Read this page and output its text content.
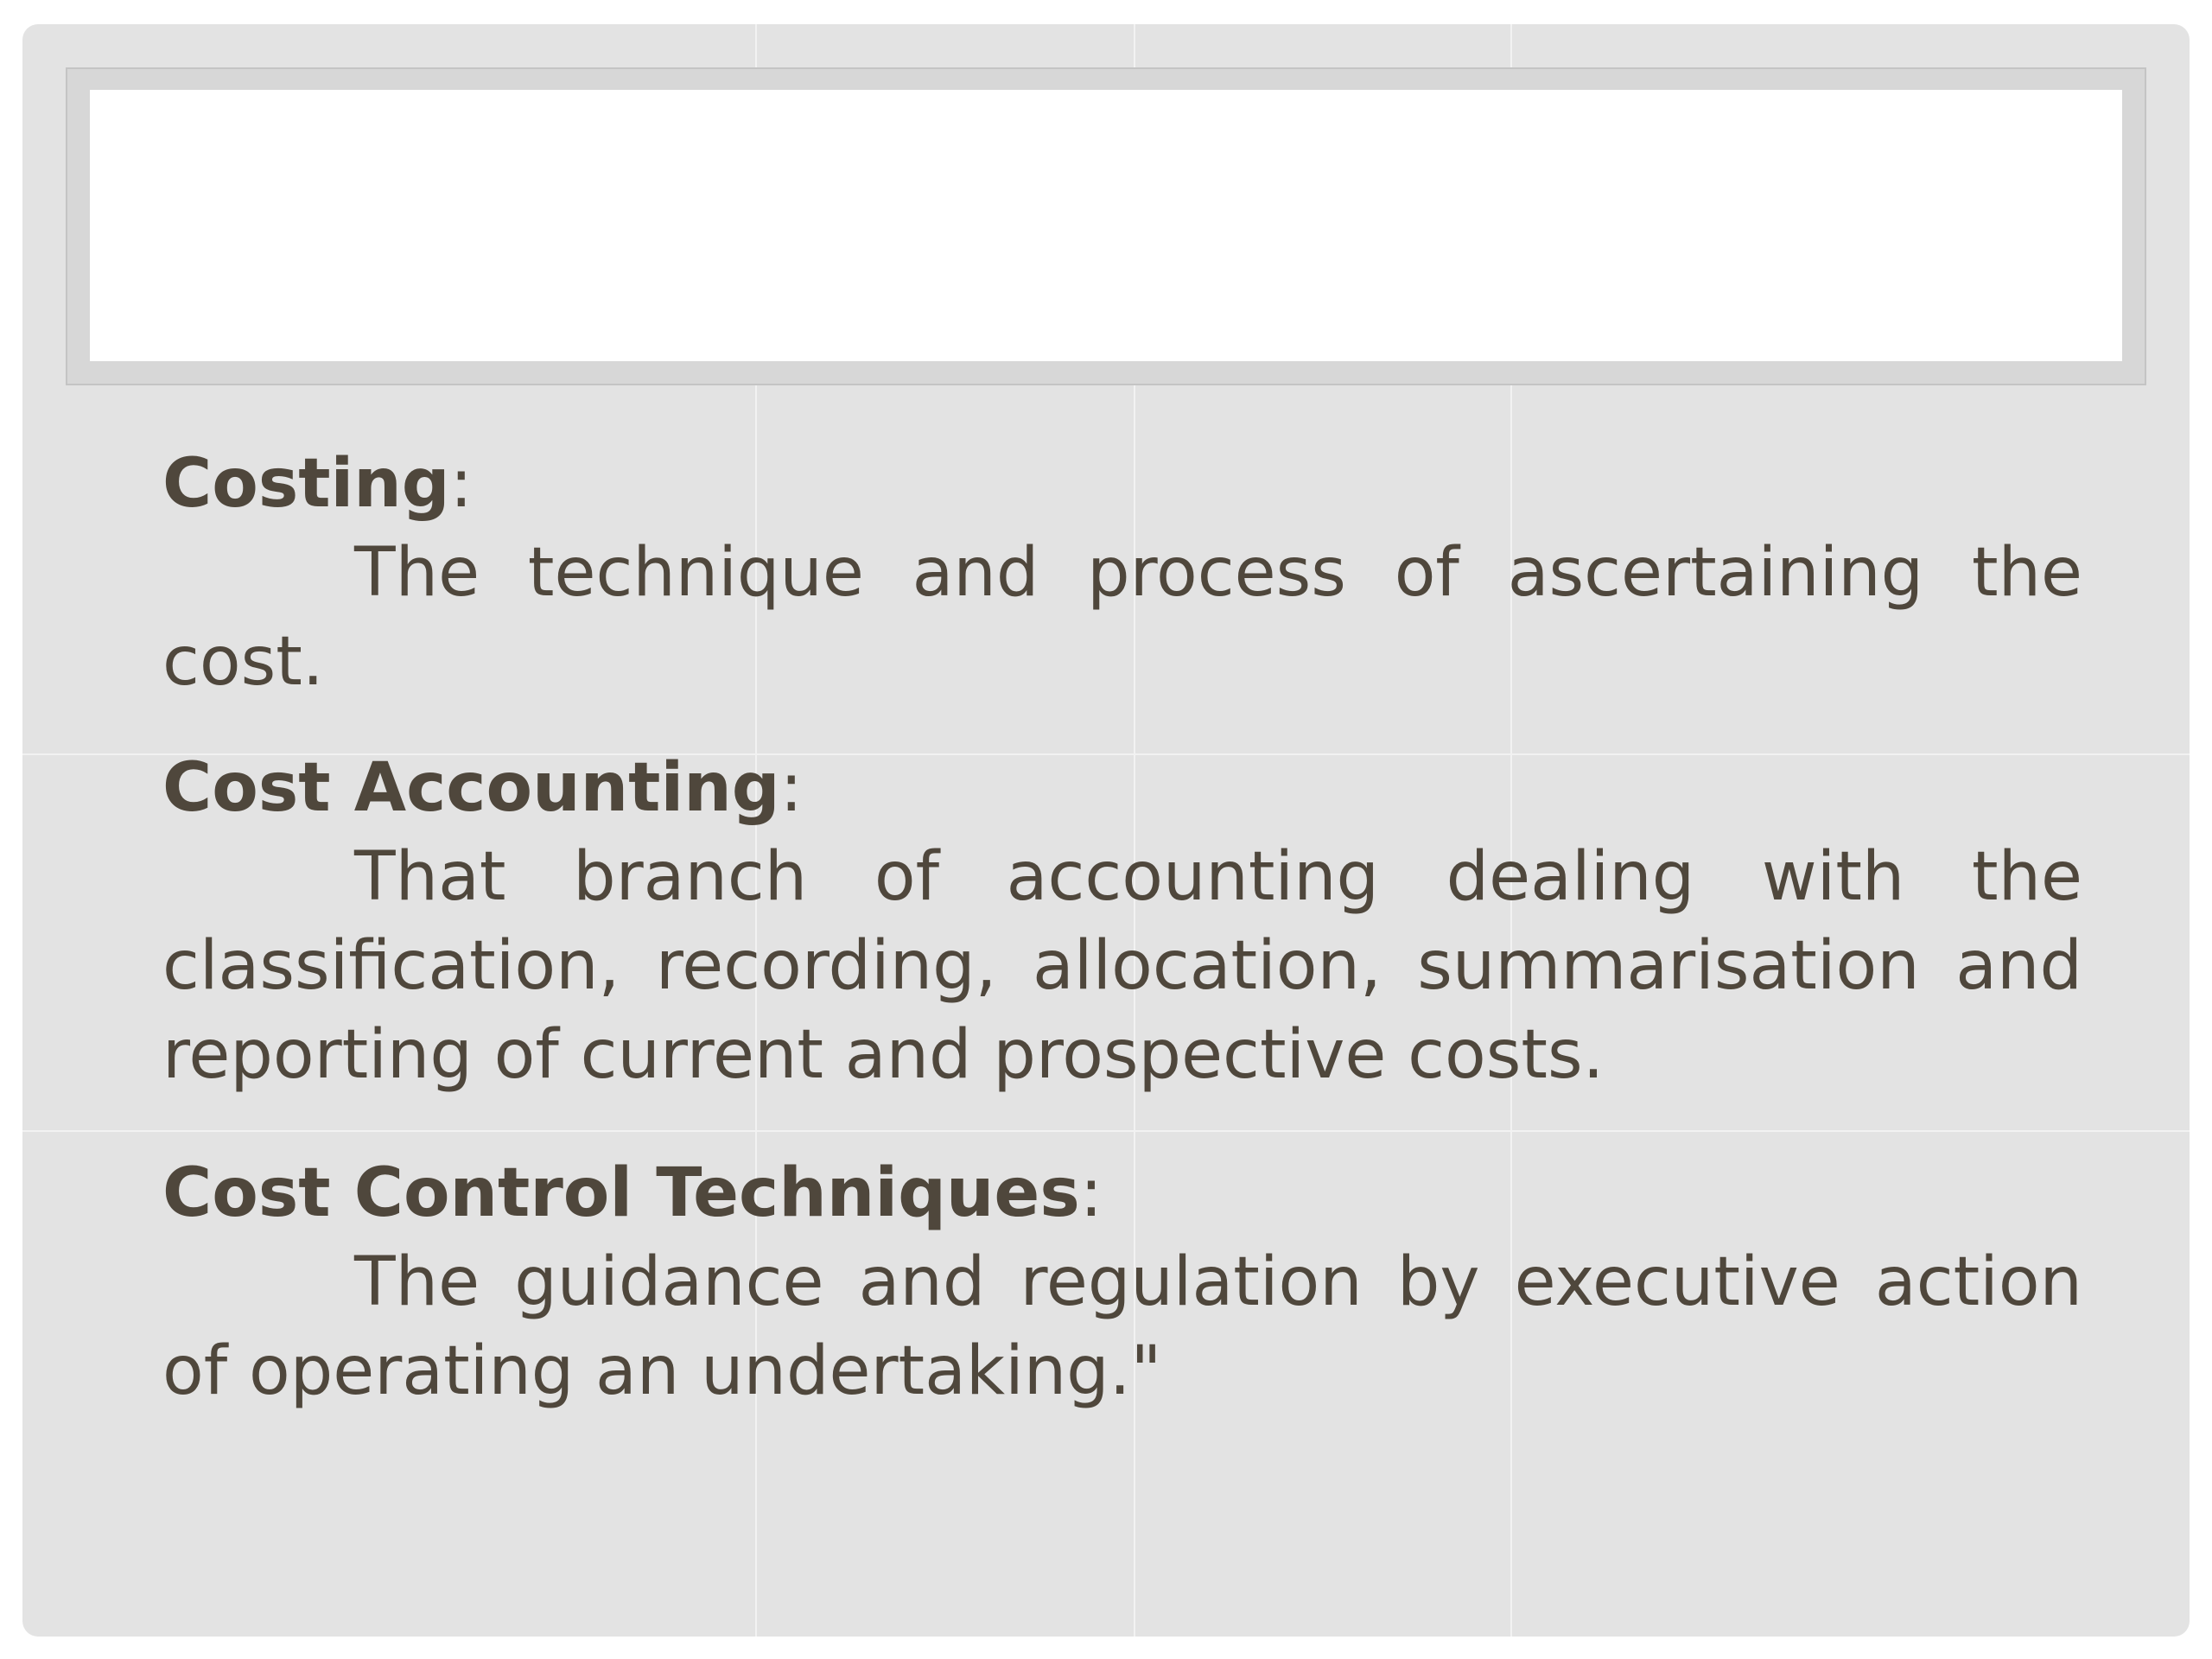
Costing:
The technique and process of ascertaining the cost.
Cost Accounting:
That branch of accounting dealing with the classification, recording, allocation, summarisation and reporting of current and prospective costs.
Cost Control Techniques:
The guidance and regulation by executive action of operating an undertaking."
